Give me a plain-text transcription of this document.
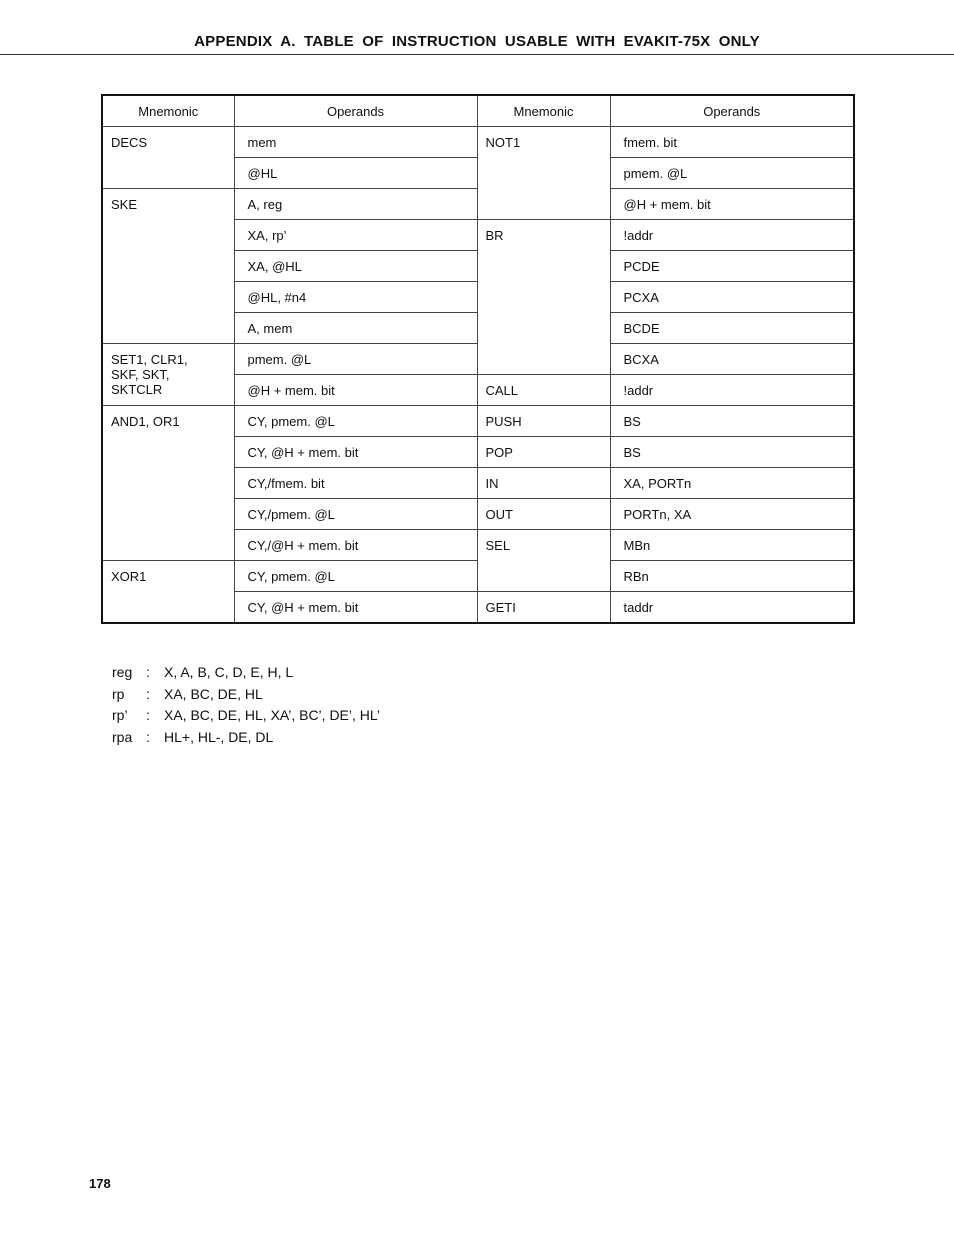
APPENDIX A. TABLE OF INSTRUCTION USABLE WITH EVAKIT-75X ONLY
Mnemonic	Operands	Mnemonic	Operands
DECS	mem	NOT1	fmem. bit
	@HL		pmem. @L
SKE	A, reg		@H + mem. bit
	XA, rp’	BR	!addr
	XA, @HL		PCDE
	@HL, #n4		PCXA
	A, mem		BCDE
SET1, CLR1,
SKF, SKT,
SKTCLR	pmem. @L		BCXA
	@H + mem. bit	CALL	!addr
AND1, OR1	CY, pmem. @L	PUSH	BS
	CY, @H + mem. bit	POP	BS
	CY,/fmem. bit	IN	XA, PORTn
	CY,/pmem. @L	OUT	PORTn, XA
	CY,/@H + mem. bit	SEL	MBn
XOR1	CY, pmem. @L		RBn
	CY, @H + mem. bit	GETI	taddr
reg :	X, A, B, C, D, E, H, L
rp	:	XA, BC, DE, HL
rp’	:	XA, BC, DE, HL, XA’, BC’, DE’, HL’
rpa :	HL+, HL-, DE, DL
178
